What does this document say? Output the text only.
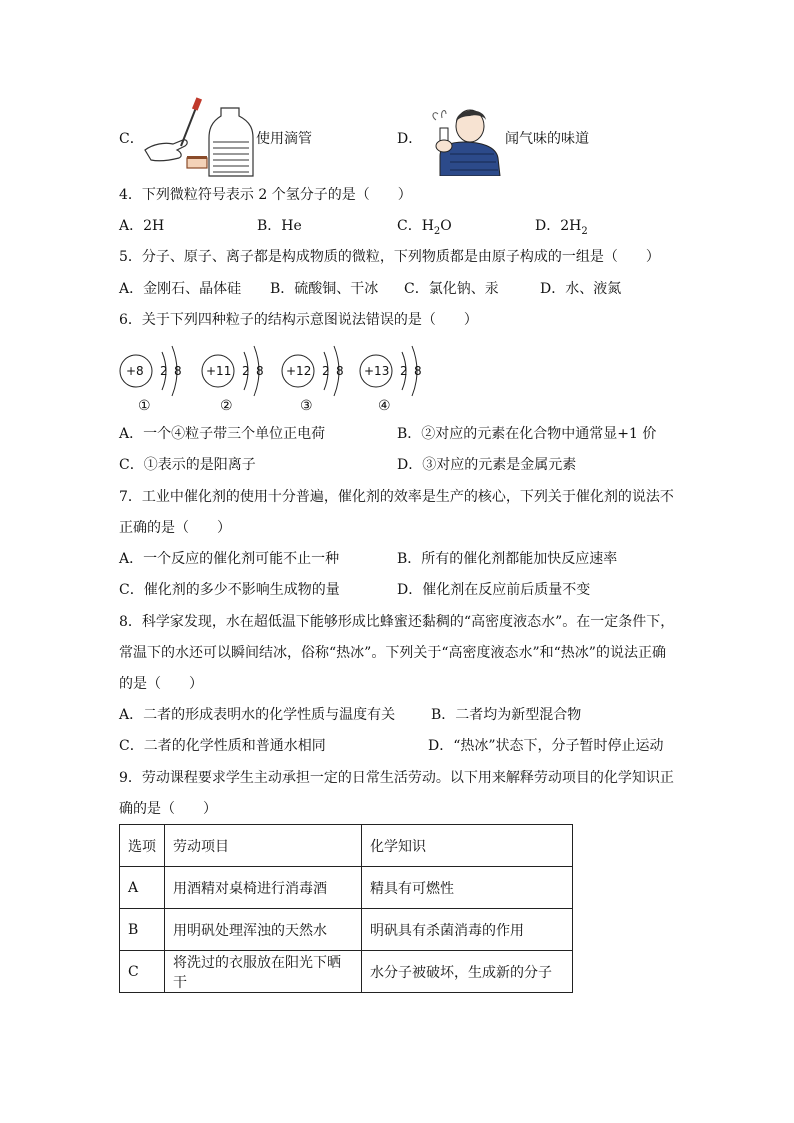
C．	使用滴管	D．	闻气味的味道
4．下列微粒符号表示 2 个氢分子的是（　　）
A．2H	B．He	C．$H_2O$	D．$2H_2$
5．分子、原子、离子都是构成物质的微粒，下列物质都是由原子构成的一组是（　　）
A．金刚石、晶体硅 B．硫酸铜、干冰 C．氯化钠、汞	D．水、液氮
6．关于下列四种粒子的结构示意图说法错误的是（　　）
+8 2 8
①
+11 2 8
②
+12 2 8
③
+13 2 8
④
A．一个④粒子带三个单位正电荷	B．②对应的元素在化合物中通常显+1 价
C．①表示的是阳离子	D．③对应的元素是金属元素
7．工业中催化剂的使用十分普遍，催化剂的效率是生产的核心，下列关于催化剂的说法不
正确的是（　　）
A．一个反应的催化剂可能不止一种	B．所有的催化剂都能加快反应速率
C．催化剂的多少不影响生成物的量	D．催化剂在反应前后质量不变
8．科学家发现，水在超低温下能够形成比蜂蜜还黏稠的“高密度液态水”。在一定条件下，
常温下的水还可以瞬间结冰，俗称“热冰”。下列关于“高密度液态水”和“热冰”的说法正确
的是（　　）
A．二者的形成表明水的化学性质与温度有关	B．二者均为新型混合物
C．二者的化学性质和普通水相同	D．“热冰”状态下，分子暂时停止运动
9．劳动课程要求学生主动承担一定的日常生活劳动。以下用来解释劳动项目的化学知识正
确的是（　　）
选项	劳动项目	化学知识
A	用酒精对桌椅进行消毒酒	精具有可燃性
B	用明矾处理浑浊的天然水	明矾具有杀菌消毒的作用
C	将洗过的衣服放在阳光下晒干	水分子被破坏，生成新的分子
